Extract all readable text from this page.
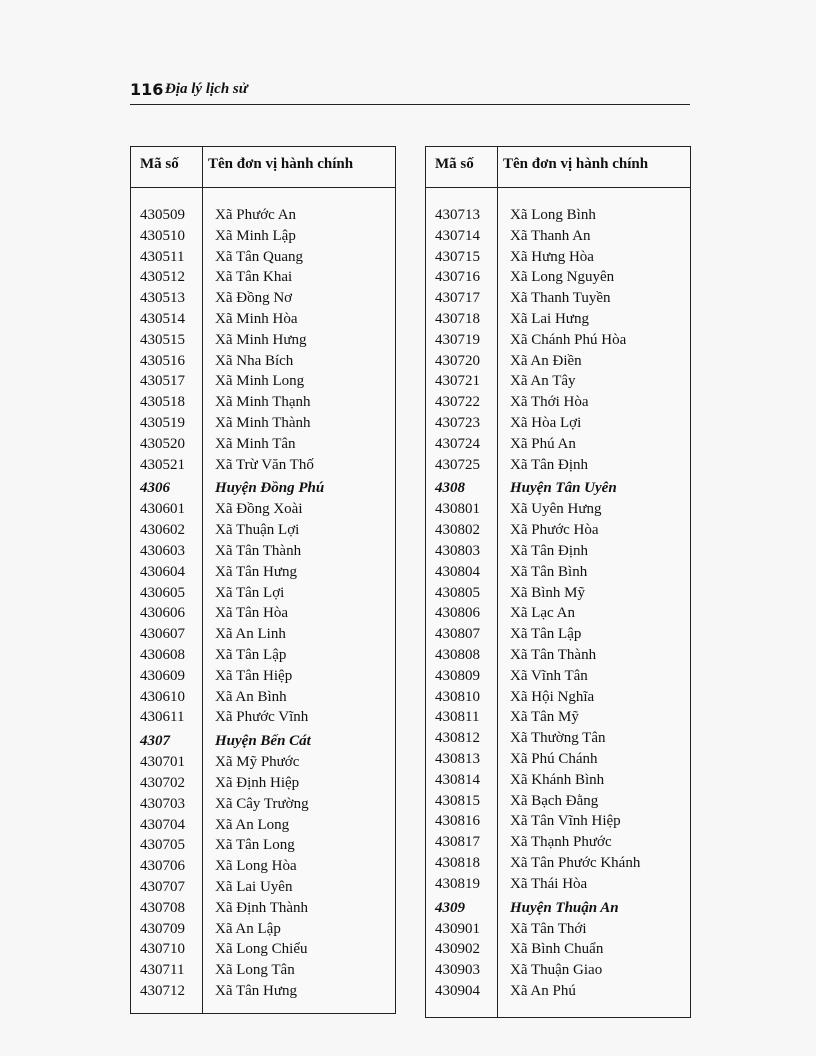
116 Địa lý lịch sử
Mã số Tên đơn vị hành chính
430509 Xã Phước An
430510 Xã Minh Lập
430511 Xã Tân Quang
430512 Xã Tân Khai
430513 Xã Đồng Nơ
430514 Xã Minh Hòa
430515 Xã Minh Hưng
430516 Xã Nha Bích
430517 Xã Minh Long
430518 Xã Minh Thạnh
430519 Xã Minh Thành
430520 Xã Minh Tân
430521 Xã Trừ Văn Thố
4306	Huyện Đồng Phú
430601 Xã Đồng Xoài
430602 Xã Thuận Lợi
430603 Xã Tân Thành
430604 Xã Tân Hưng
430605 Xã Tân Lợi
430606 Xã Tân Hòa
430607 Xã An Linh
430608 Xã Tân Lập
430609 Xã Tân Hiệp
430610 Xã An Bình
430611 Xã Phước Vĩnh
4307	Huyện Bến Cát
430701 Xã Mỹ Phước
430702 Xã Định Hiệp
430703 Xã Cây Trường
430704 Xã An Long
430705 Xã Tân Long
430706 Xã Long Hòa
430707 Xã Lai Uyên
430708 Xã Định Thành
430709 Xã An Lập
430710 Xã Long Chiểu
430711 Xã Long Tân
430712 Xã Tân Hưng
Mã số Tên đơn vị hành chính
430713 Xã Long Bình
430714 Xã Thanh An
430715 Xã Hưng Hòa
430716 Xã Long Nguyên
430717 Xã Thanh Tuyền
430718 Xã Lai Hưng
430719 Xã Chánh Phú Hòa
430720 Xã An Điền
430721 Xã An Tây
430722 Xã Thới Hòa
430723 Xã Hòa Lợi
430724 Xã Phú An
430725 Xã Tân Định
4308	Huyện Tân Uyên
430801 Xã Uyên Hưng
430802 Xã Phước Hòa
430803 Xã Tân Định
430804 Xã Tân Bình
430805 Xã Bình Mỹ
430806 Xã Lạc An
430807 Xã Tân Lập
430808 Xã Tân Thành
430809 Xã Vĩnh Tân
430810 Xã Hội Nghĩa
430811 Xã Tân Mỹ
430812 Xã Thường Tân
430813 Xã Phú Chánh
430814 Xã Khánh Bình
430815 Xã Bạch Đằng
430816 Xã Tân Vĩnh Hiệp
430817 Xã Thạnh Phước
430818 Xã Tân Phước Khánh
430819 Xã Thái Hòa
4309	Huyện Thuận An
430901 Xã Tân Thới
430902 Xã Bình Chuẩn
430903 Xã Thuận Giao
430904 Xã An Phú
